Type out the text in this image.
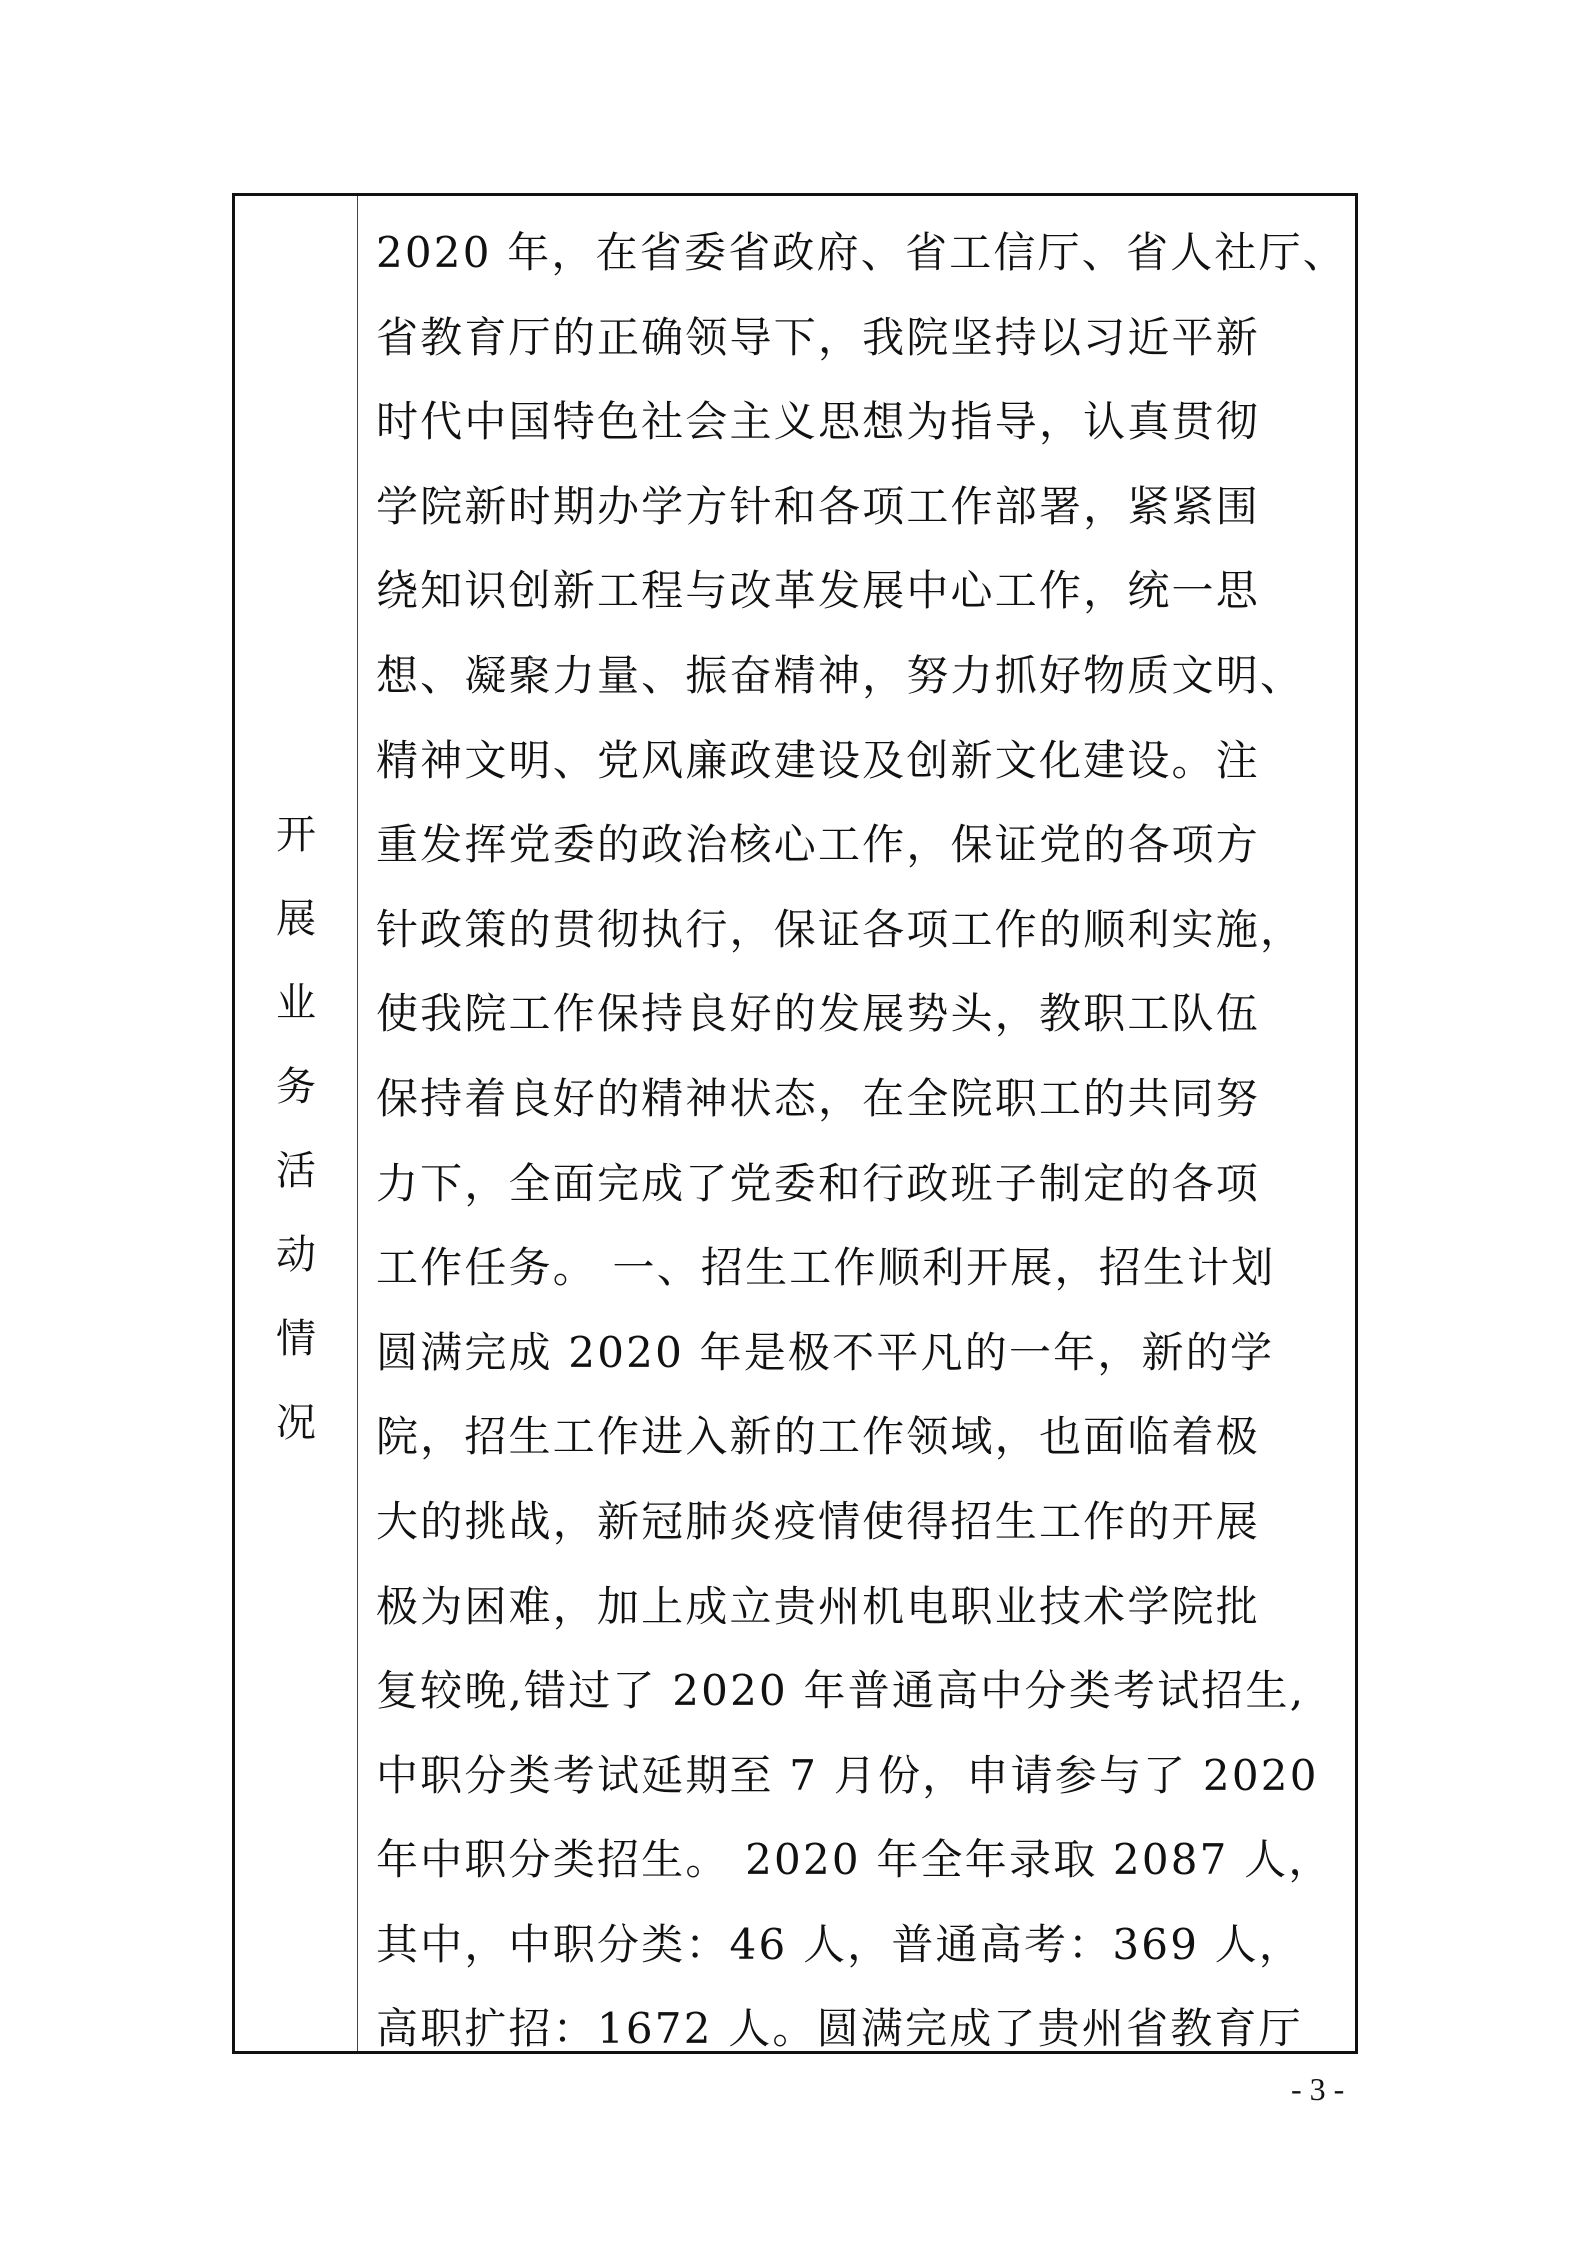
开
展
业
务
活
动
情
况
2020 年，在省委省政府、省工信厅、省人社厅、
省教育厅的正确领导下，我院坚持以习近平新
时代中国特色社会主义思想为指导，认真贯彻
学院新时期办学方针和各项工作部署，紧紧围
绕知识创新工程与改革发展中心工作，统一思
想、凝聚力量、振奋精神，努力抓好物质文明、
精神文明、党风廉政建设及创新文化建设。注
重发挥党委的政治核心工作，保证党的各项方
针政策的贯彻执行，保证各项工作的顺利实施，
使我院工作保持良好的发展势头，教职工队伍
保持着良好的精神状态，在全院职工的共同努
力下，全面完成了党委和行政班子制定的各项
工作任务。 一、招生工作顺利开展，招生计划
圆满完成 2020 年是极不平凡的一年，新的学
院，招生工作进入新的工作领域，也面临着极
大的挑战，新冠肺炎疫情使得招生工作的开展
极为困难，加上成立贵州机电职业技术学院批
复较晚,错过了 2020 年普通高中分类考试招生,
中职分类考试延期至 7 月份，申请参与了 2020
年中职分类招生。 2020 年全年录取 2087 人，
其中，中职分类：46 人，普通高考：369 人，
高职扩招：1672 人。圆满完成了贵州省教育厅
- 3 -
